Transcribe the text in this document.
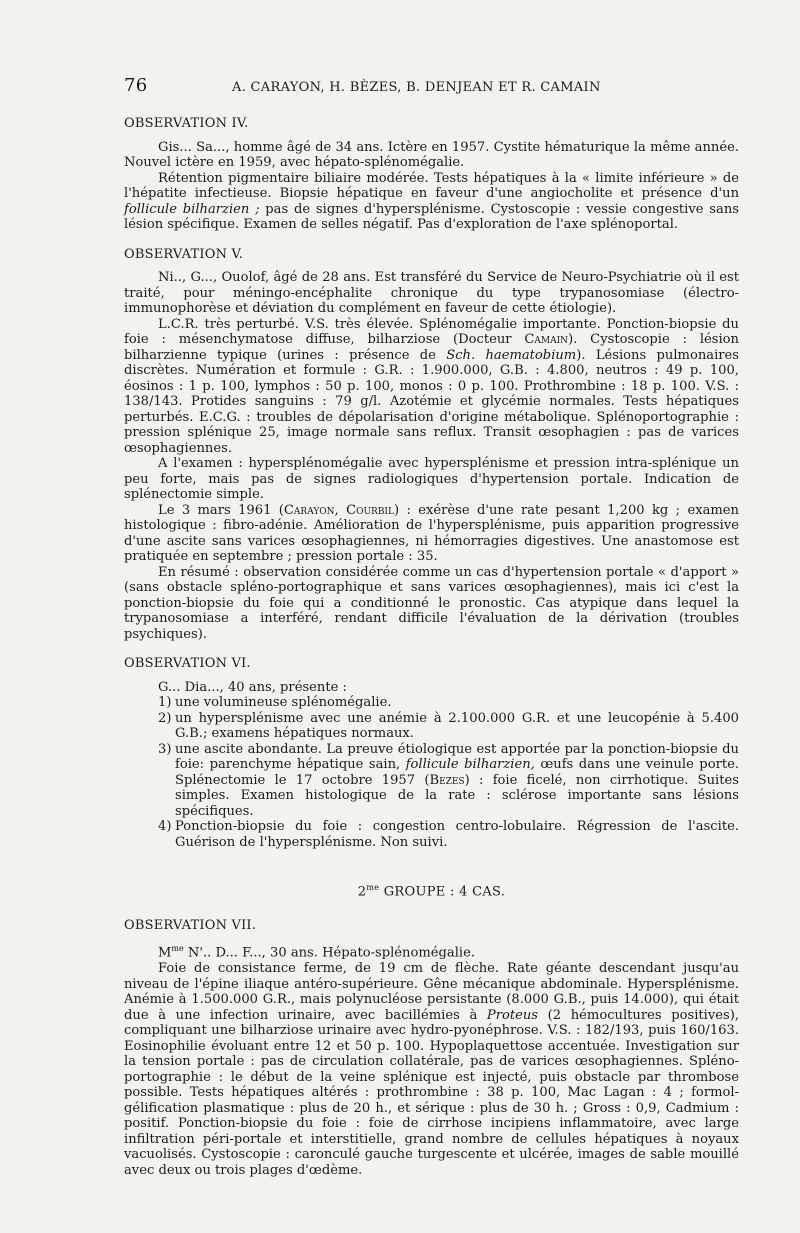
76	A. CARAYON, H. BÈZES, B. DENJEAN ET R. CAMAIN
OBSERVATION IV.

Gis... Sa..., homme âgé de 34 ans. Ictère en 1957. Cystite hématurique la même année. Nouvel ictère en 1959, avec hépato-splénomégalie.

Rétention pigmentaire biliaire modérée. Tests hépatiques à la « limite inférieure » de l'hépatite infectieuse. Biopsie hépatique en faveur d'une angiocholite et présence d'un follicule bilharzien ; pas de signes d'hypersplénisme. Cystoscopie : vessie congestive sans lésion spécifique. Examen de selles négatif. Pas d'exploration de l'axe splénoportal.

OBSERVATION V.

Ni.., G..., Ouolof, âgé de 28 ans. Est transféré du Service de Neuro-Psychiatrie où il est traité, pour méningo-encéphalite chronique du type trypanosomiase (électro-immunophorèse et déviation du complément en faveur de cette étiologie).

L.C.R. très perturbé. V.S. très élevée. Splénomégalie importante. Ponction-biopsie du foie : mésenchymatose diffuse, bilharziose (Docteur Camain). Cystoscopie : lésion bilharzienne typique (urines : présence de Sch. haematobium). Lésions pulmonaires discrètes. Numération et formule : G.R. : 1.900.000, G.B. : 4.800, neutros : 49 p. 100, éosinos : 1 p. 100, lymphos : 50 p. 100, monos : 0 p. 100. Prothrombine : 18 p. 100. V.S. : 138/143. Protides sanguins : 79 g/l. Azotémie et glycémie normales. Tests hépatiques perturbés. E.C.G. : troubles de dépolarisation d'origine métabolique. Splénoportographie : pression splénique 25, image normale sans reflux. Transit œsophagien : pas de varices œsophagiennes.

A l'examen : hypersplénomégalie avec hypersplénisme et pression intra-splénique un peu forte, mais pas de signes radiologiques d'hypertension portale. Indication de splénectomie simple.

Le 3 mars 1961 (Carayon, Courbil) : exérèse d'une rate pesant 1,200 kg ; examen histologique : fibro-adénie. Amélioration de l'hypersplénisme, puis apparition progressive d'une ascite sans varices œsophagiennes, ni hémorragies digestives. Une anastomose est pratiquée en septembre ; pression portale : 35.

En résumé : observation considérée comme un cas d'hypertension portale « d'apport » (sans obstacle spléno-portographique et sans varices œsophagiennes), mais ici c'est la ponction-biopsie du foie qui a conditionné le pronostic. Cas atypique dans lequel la trypanosomiase a interféré, rendant difficile l'évaluation de la dérivation (troubles psychiques).

OBSERVATION VI.

G... Dia..., 40 ans, présente :

1) une volumineuse splénomégalie.
2) un hypersplénisme avec une anémie à 2.100.000 G.R. et une leucopénie à 5.400 G.B.; examens hépatiques normaux.
3) une ascite abondante. La preuve étiologique est apportée par la ponction-biopsie du foie: parenchyme hépatique sain, follicule bilharzien, œufs dans une veinule porte. Splénectomie le 17 octobre 1957 (Bezes) : foie ficelé, non cirrhotique. Suites simples. Examen histologique de la rate : sclérose importante sans lésions spécifiques.
4) Ponction-biopsie du foie : congestion centro-lobulaire. Régression de l'ascite. Guérison de l'hypersplénisme. Non suivi.
$2^{me}$ GROUPE : 4 CAS.
OBSERVATION VII.

$M^{me}$ N'.. D... F..., 30 ans. Hépato-splénomégalie.

Foie de consistance ferme, de 19 cm de flèche. Rate géante descendant jusqu'au niveau de l'épine iliaque antéro-supérieure. Gêne mécanique abdominale. Hypersplénisme. Anémie à 1.500.000 G.R., mais polynucléose persistante (8.000 G.B., puis 14.000), qui était due à une infection urinaire, avec bacillémies à Proteus (2 hémocultures positives), compliquant une bilharziose urinaire avec hydro-pyonéphrose. V.S. : 182/193, puis 160/163. Eosinophilie évoluant entre 12 et 50 p. 100. Hypoplaquettose accentuée. Investigation sur la tension portale : pas de circulation collatérale, pas de varices œsophagiennes. Spléno-portographie : le début de la veine splénique est injecté, puis obstacle par thrombose possible. Tests hépatiques altérés : prothrombine : 38 p. 100, Mac Lagan : 4 ; formol-gélification plasmatique : plus de 20 h., et sérique : plus de 30 h. ; Gross : 0,9, Cadmium : positif. Ponction-biopsie du foie : foie de cirrhose incipiens inflammatoire, avec large infiltration péri-portale et interstitielle, grand nombre de cellules hépatiques à noyaux vacuolisés. Cystoscopie : caronculé gauche turgescente et ulcérée, images de sable mouillé avec deux ou trois plages d'œdème.
